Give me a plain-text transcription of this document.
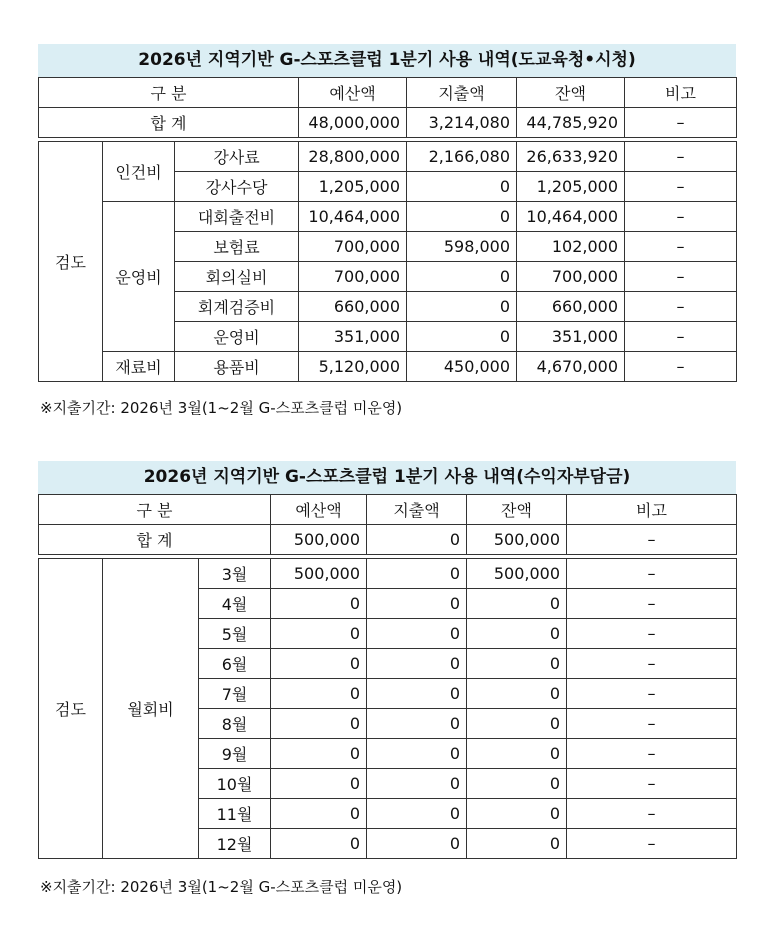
2026년 지역기반 G-스포츠클럽 1분기 사용 내역(도교육청•시청)
구 분			예산액	지출액	잔액	비고
합 계			48,000,000	3,214,080	44,785,920	–

검도	인건비	강사료	28,800,000	2,166,080	26,633,920	–
		강사수당	1,205,000	0	1,205,000	–
	운영비	대회출전비	10,464,000	0	10,464,000	–
		보험료	700,000	598,000	102,000	–
		회의실비	700,000	0	700,000	–
		회계검증비	660,000	0	660,000	–
		운영비	351,000	0	351,000	–
	재료비	용품비	5,120,000	450,000	4,670,000	–
※지출기간: 2026년 3월(1~2월 G-스포츠클럽 미운영)
2026년 지역기반 G-스포츠클럽 1분기 사용 내역(수익자부담금)
구 분			예산액	지출액	잔액	비고
합 계			500,000	0	500,000	–

검도	월회비	3월	500,000	0	500,000	–
		4월	0	0	0	–
		5월	0	0	0	–
		6월	0	0	0	–
		7월	0	0	0	–
		8월	0	0	0	–
		9월	0	0	0	–
		10월	0	0	0	–
		11월	0	0	0	–
		12월	0	0	0	–
※지출기간: 2026년 3월(1~2월 G-스포츠클럽 미운영)
